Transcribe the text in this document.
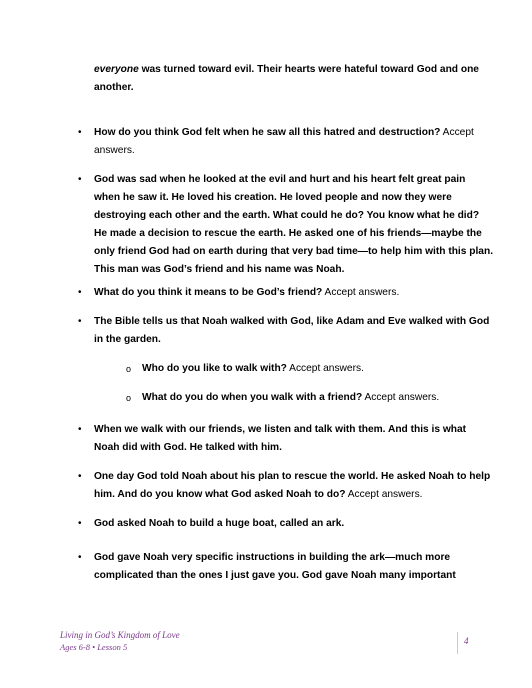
everyone was turned toward evil. Their hearts were hateful toward God and one
another.
• How do you think God felt when he saw all this hatred and destruction? Accept
answers.
• God was sad when he looked at the evil and hurt and his heart felt great pain
when he saw it. He loved his creation. He loved people and now they were
destroying each other and the earth. What could he do? You know what he did?
He made a decision to rescue the earth. He asked one of his friends—maybe the
only friend God had on earth during that very bad time—to help him with this plan.
This man was God’s friend and his name was Noah.
• What do you think it means to be God’s friend? Accept answers.
• The Bible tells us that Noah walked with God, like Adam and Eve walked with God
in the garden.
o Who do you like to walk with? Accept answers.
o What do you do when you walk with a friend? Accept answers.
• When we walk with our friends, we listen and talk with them. And this is what
Noah did with God. He talked with him.
• One day God told Noah about his plan to rescue the world. He asked Noah to help
him. And do you know what God asked Noah to do? Accept answers.
• God asked Noah to build a huge boat, called an ark.
• God gave Noah very specific instructions in building the ark—much more
complicated than the ones I just gave you. God gave Noah many important
Living in God’s Kingdom of Love
Ages 6-8 • Lesson 5
4
